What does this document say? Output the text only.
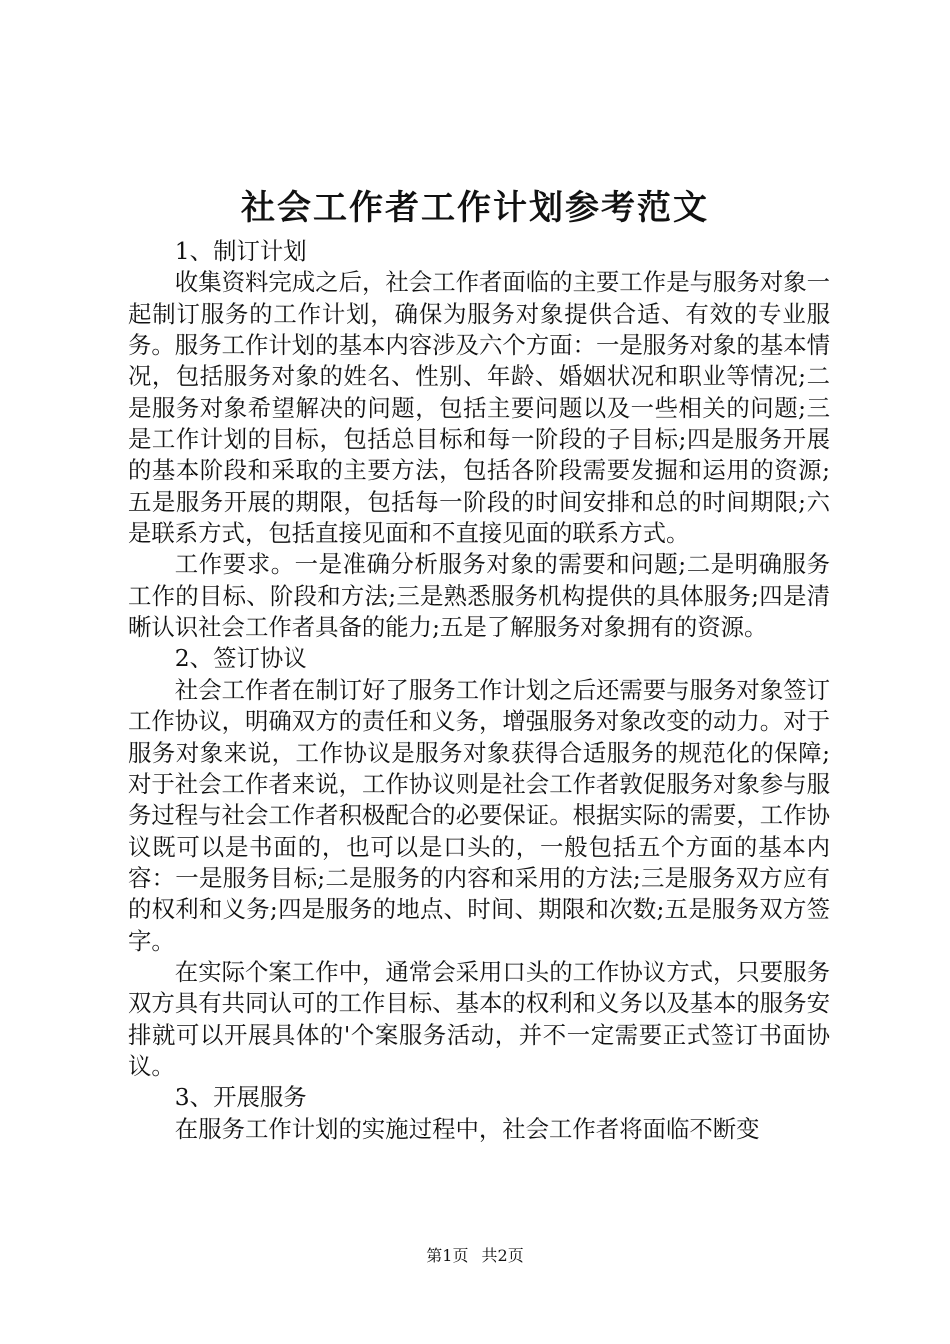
社会工作者工作计划参考范文

1、制订计划

收集资料完成之后，社会工作者面临的主要工作是与服务对象一起制订服务的工作计划，确保为服务对象提供合适、有效的专业服务。服务工作计划的基本内容涉及六个方面：一是服务对象的基本情况，包括服务对象的姓名、性别、年龄、婚姻状况和职业等情况;二是服务对象希望解决的问题，包括主要问题以及一些相关的问题;三是工作计划的目标，包括总目标和每一阶段的子目标;四是服务开展的基本阶段和采取的主要方法，包括各阶段需要发掘和运用的资源;五是服务开展的期限，包括每一阶段的时间安排和总的时间期限;六是联系方式，包括直接见面和不直接见面的联系方式。

工作要求。一是准确分析服务对象的需要和问题;二是明确服务工作的目标、阶段和方法;三是熟悉服务机构提供的具体服务;四是清晰认识社会工作者具备的能力;五是了解服务对象拥有的资源。

2、签订协议

社会工作者在制订好了服务工作计划之后还需要与服务对象签订工作协议，明确双方的责任和义务，增强服务对象改变的动力。对于服务对象来说，工作协议是服务对象获得合适服务的规范化的保障;对于社会工作者来说，工作协议则是社会工作者敦促服务对象参与服务过程与社会工作者积极配合的必要保证。根据实际的需要，工作协议既可以是书面的，也可以是口头的，一般包括五个方面的基本内容：一是服务目标;二是服务的内容和采用的方法;三是服务双方应有的权利和义务;四是服务的地点、时间、期限和次数;五是服务双方签字。

在实际个案工作中，通常会采用口头的工作协议方式，只要服务双方具有共同认可的工作目标、基本的权利和义务以及基本的服务安排就可以开展具体的'个案服务活动，并不一定需要正式签订书面协议。

3、开展服务

在服务工作计划的实施过程中，社会工作者将面临不断变

第1页 共2页
